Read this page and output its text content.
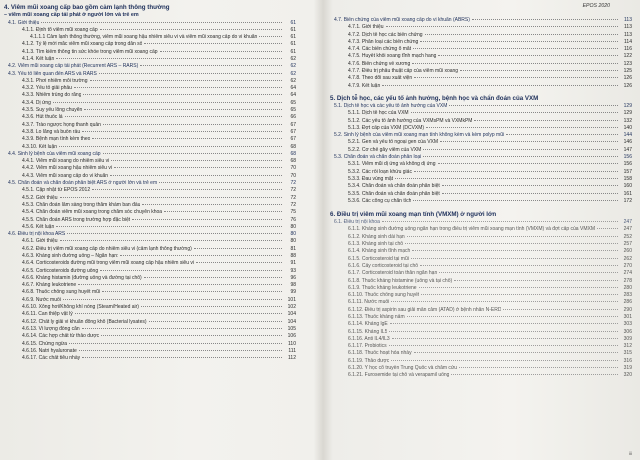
4. Viêm mũi xoang cấp bao gồm cảm lạnh thông thường
– viêm mũi xoang cấp tái phát ở người lớn và trẻ em
4.1. Giới thiệu	61
4.1.1. Định tổ viêm mũi xoang cấp	61
4.1.1.1 Cảm lạnh thông thường, viêm mũi xoang hậu nhiễm siêu vi và viêm mũi xoang cấp do vi khuẩn	61
4.1.2. Tỷ lệ mới mắc viêm mũi xoang cấp trong dân số	61
4.1.3. Tìm kiếm thông tin sức khỏe trong viêm mũi xoang cấp	61
4.1.4. Kết luận	62
4.2. Viêm mũi xoang cấp tái phát (Recurrent ARS – RARS)	62
4.3. Yếu tố liên quan đến ARS và RARS	62
4.3.1. Phơi nhiễm môi trường	62
4.3.2. Yếu tố giải phẫu	64
4.3.3. Nhiễm trùng do răng	64
4.3.4. Dị ứng	65
4.3.5. Suy yếu lông chuyển	65
4.3.6. Hút thuốc lá	66
4.3.7. Trào ngược họng thanh quản	67
4.3.8. Lo lắng và buồn rầu	67
4.3.9. Bệnh mạn tính kèm theo	67
4.3.10. Kết luận	68
4.4. Sinh lý bệnh của viêm mũi xoang cấp	68
4.4.1. Viêm mũi xoang do nhiễm siêu vi	68
4.4.2. Viêm mũi xoang hậu nhiễm siêu vi	70
4.4.3. Viêm mũi xoang cấp do vi khuẩn	70
4.5. Chẩn đoán và chẩn đoán phân biệt ARS ở người lớn và trẻ em	72
4.5.1. Cập nhật từ EPOS 2012	72
4.5.2. Giới thiệu	72
4.5.3. Chẩn đoán lâm sàng trong thăm khám ban đầu	72
4.5.4. Chẩn đoán viêm mũi xoang trong chăm sóc chuyên khoa	75
4.5.5. Chẩn đoán ARS trong trường hợp đặc biệt	76
4.5.6. Kết luận	80
4.6. Điều trị nội khoa ARS	80
4.6.1. Giới thiệu	80
4.6.2. Điều trị viêm mũi xoang cấp do nhiễm siêu vi (cảm lạnh thông thường)	81
4.6.3. Kháng sinh đường uống – Ngắn hạn:	88
4.6.4. Corticosteroids đường mũi trong viêm mũi xoang cấp hậu nhiễm siêu vi	91
4.6.5. Corticosteroids đường uống	93
4.6.6. Kháng histamin (đường uống và đường tại chỗ)	96
4.6.7. Kháng leukotriene	98
4.6.8. Thuốc chống sung huyết mũi	99
4.6.9. Nước muối	101
4.6.10. Xông hơi/Không khí nóng (Steam/Heated air)	102
4.6.11. Can thiệp vật lý	104
4.6.12. Chất ly giải vi khuẩn đông khô (Bacterial lysates)	104
4.6.13. Vi lượng đồng căn	105
4.6.14. Các hợp chất từ thảo dược	106
4.6.15. Chứng ngừa	110
4.6.16. Natri hyaluronate	111
4.6.17. Các chất tiêu nhày	112
EPOS 2020
4.7. Biến chứng của viêm mũi xoang cấp do vi khuẩn (ABRS)	113
4.7.1. Giới thiệu	113
4.7.2. Dịch tễ học các biến chứng	113
4.7.3. Phân loại các biến chứng	114
4.7.4. Các biến chứng ổ mắt	116
4.7.5. Huyết khối xoang tĩnh mạch hang	122
4.7.6. Biến chứng về xương	123
4.7.7. Điều trị phẫu thuật cấp của viêm mũi xoang	125
4.7.8. Theo dõi sau xuất viện	126
4.7.9. Kết luận	126
5. Dịch tễ học, các yếu tố ảnh hưởng, bệnh học và chẩn đoán của VXM
5.1. Dịch tễ học và các yếu tố ảnh hưởng của VXM	129
5.1.1. Dịch tễ học của VXM	129
5.1.2. Các yếu tố ảnh hưởng của VXMsPM và VXMkPM	132
5.1.3. Đợt cấp của VXM (DCVXM)	140
5.2. Sinh lý bệnh của viêm mũi xoang mạn tính không kèm và kèm polyp mũi	144
5.2.1. Gen và yếu tố ngoại gen của VXM	146
5.2.2. Cơ chế gây viêm của VXM	147
5.3. Chẩn đoán và chẩn đoán phân loại	156
5.3.1. Viêm mũi dị ứng và không dị ứng	156
5.3.2. Các rối loạn khứu giác	157
5.3.3. Đau vùng mặt	158
5.3.4. Chẩn đoán và chẩn đoán phân biệt	160
5.3.5. Chẩn đoán và chẩn đoán phân biệt	161
5.3.6. Các công cụ chẩn tích	172
6. Điều trị viêm mũi xoang mạn tính (VMXM) ở người lớn
6.1. Điều trị nội khoa	247
6.1.1. Kháng sinh đường uống ngắn hạn trong điều trị viêm mũi xoang mạn tính (VMXM) và đợt cấp của VMXM	247
6.1.2. Kháng sinh dài hạn	252
6.1.3. Kháng sinh tại chỗ	257
6.1.4. Kháng sinh tĩnh mạch	260
6.1.5. Corticosteroid tại mũi	262
6.1.6. Cấy corticosteroid tại chỗ	270
6.1.7. Corticosteroid toàn thân ngắn hạn	274
6.1.8. Thuốc kháng histamine (uống và tại chỗ)	278
6.1.9. Thuốc kháng leukotriene	280
6.1.10. Thuốc chống sung huyết	283
6.1.11. Nước muối	286
6.1.12. Điều trị aspirin sau giải mẫn cảm (ATAD) ở bệnh nhân N-ERD	290
6.1.13. Thuốc kháng nấm	301
6.1.14. Kháng lgE	303
6.1.15. Kháng IL5	306
6.1.16. Anti IL4/IL3	309
6.1.17. Probiotics	312
6.1.18. Thuốc hoạt hóa nhày	315
6.1.19. Thảo dược	316
6.1.20. Y học cổ truyền Trung Quốc và châm cứu	319
6.1.21. Furosemide tại chỗ và verapamil uống	320
iii
